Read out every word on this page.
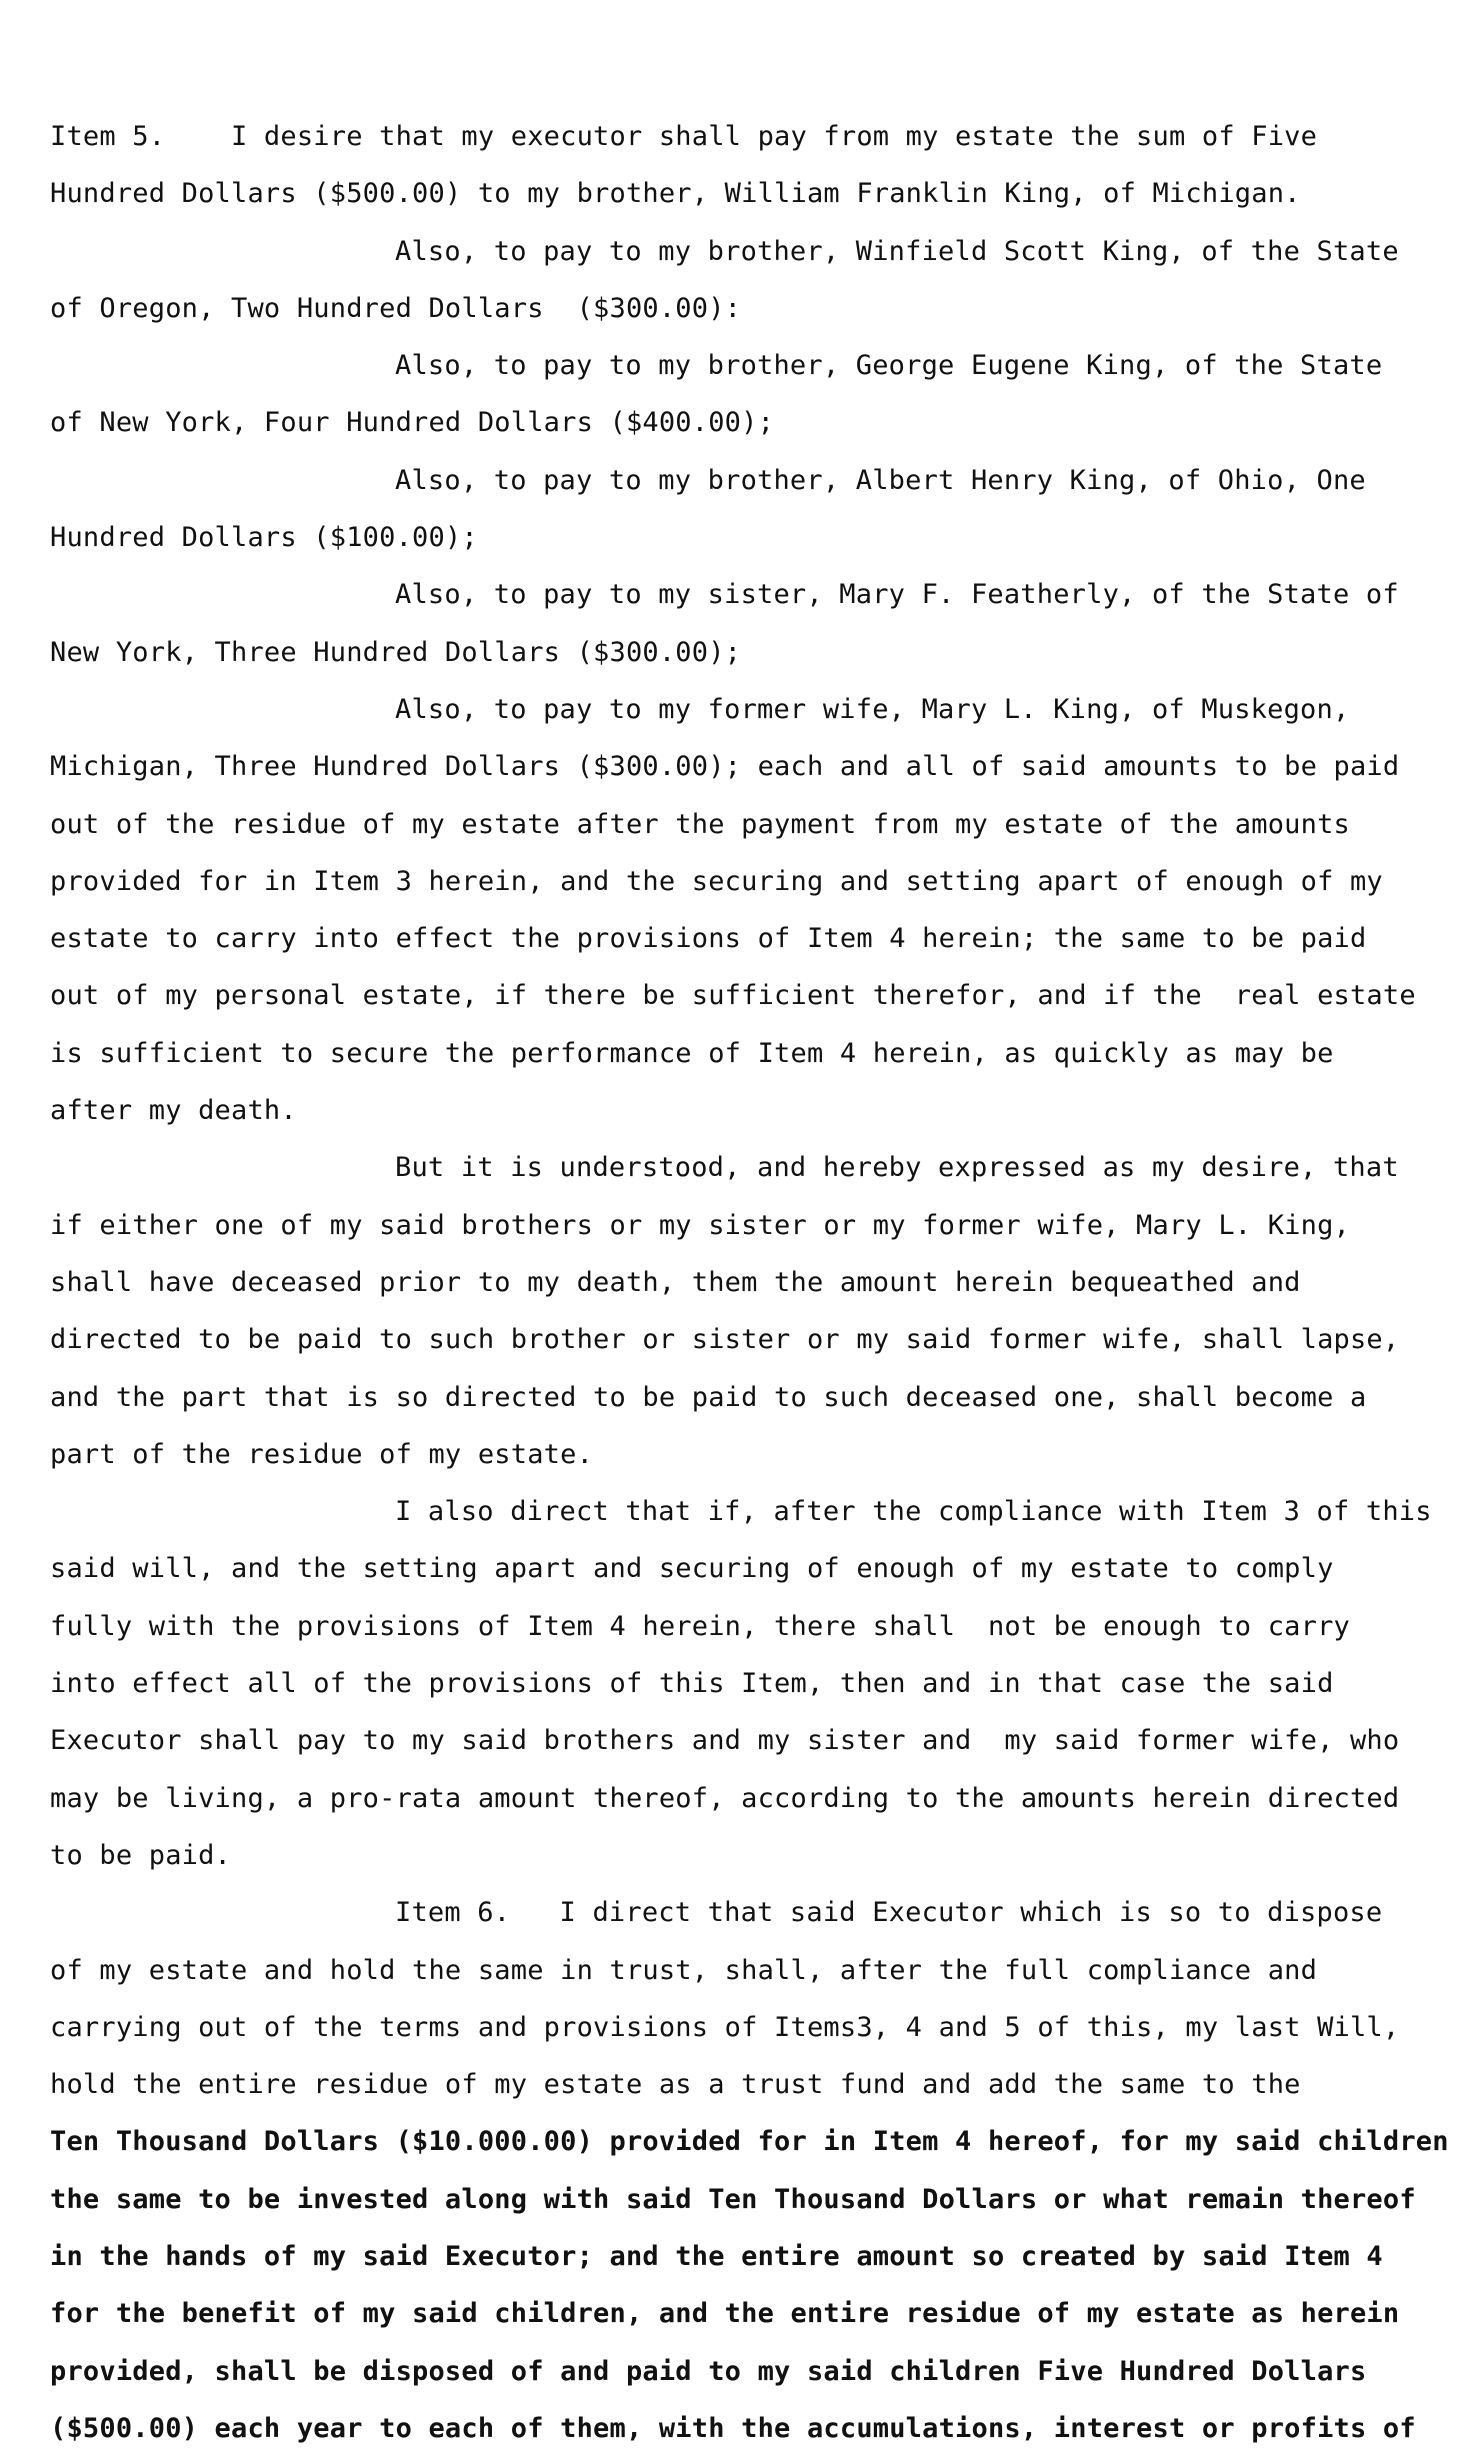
Item 5.    I desire that my executor shall pay from my estate the sum of Five
Hundred Dollars ($500.00) to my brother, William Franklin King, of Michigan.
Also, to pay to my brother, Winfield Scott King, of the State
of Oregon, Two Hundred Dollars  ($300.00):
Also, to pay to my brother, George Eugene King, of the State
of New York, Four Hundred Dollars ($400.00);
Also, to pay to my brother, Albert Henry King, of Ohio, One
Hundred Dollars ($100.00);
Also, to pay to my sister, Mary F. Featherly, of the State of
New York, Three Hundred Dollars ($300.00);
Also, to pay to my former wife, Mary L. King, of Muskegon,
Michigan, Three Hundred Dollars ($300.00); each and all of said amounts to be paid
out of the residue of my estate after the payment from my estate of the amounts
provided for in Item 3 herein, and the securing and setting apart of enough of my
estate to carry into effect the provisions of Item 4 herein; the same to be paid
out of my personal estate, if there be sufficient therefor, and if the  real estate
is sufficient to secure the performance of Item 4 herein, as quickly as may be
after my death.
But it is understood, and hereby expressed as my desire, that
if either one of my said brothers or my sister or my former wife, Mary L. King,
shall have deceased prior to my death, them the amount herein bequeathed and
directed to be paid to such brother or sister or my said former wife, shall lapse,
and the part that is so directed to be paid to such deceased one, shall become a
part of the residue of my estate.
I also direct that if, after the compliance with Item 3 of this
said will, and the setting apart and securing of enough of my estate to comply
fully with the provisions of Item 4 herein, there shall  not be enough to carry
into effect all of the provisions of this Item, then and in that case the said
Executor shall pay to my said brothers and my sister and  my said former wife, who
may be living, a pro-rata amount thereof, according to the amounts herein directed
to be paid.
Item 6.   I direct that said Executor which is so to dispose
of my estate and hold the same in trust, shall, after the full compliance and
carrying out of the terms and provisions of Items3, 4 and 5 of this, my last Will,
hold the entire residue of my estate as a trust fund and add the same to the
Ten Thousand Dollars ($10.000.00) provided for in Item 4 hereof, for my said children
the same to be invested along with said Ten Thousand Dollars or what remain thereof
in the hands of my said Executor; and the entire amount so created by said Item 4
for the benefit of my said children, and the entire residue of my estate as herein
provided, shall be disposed of and paid to my said children Five Hundred Dollars
($500.00) each year to each of them, with the accumulations, interest or profits of
